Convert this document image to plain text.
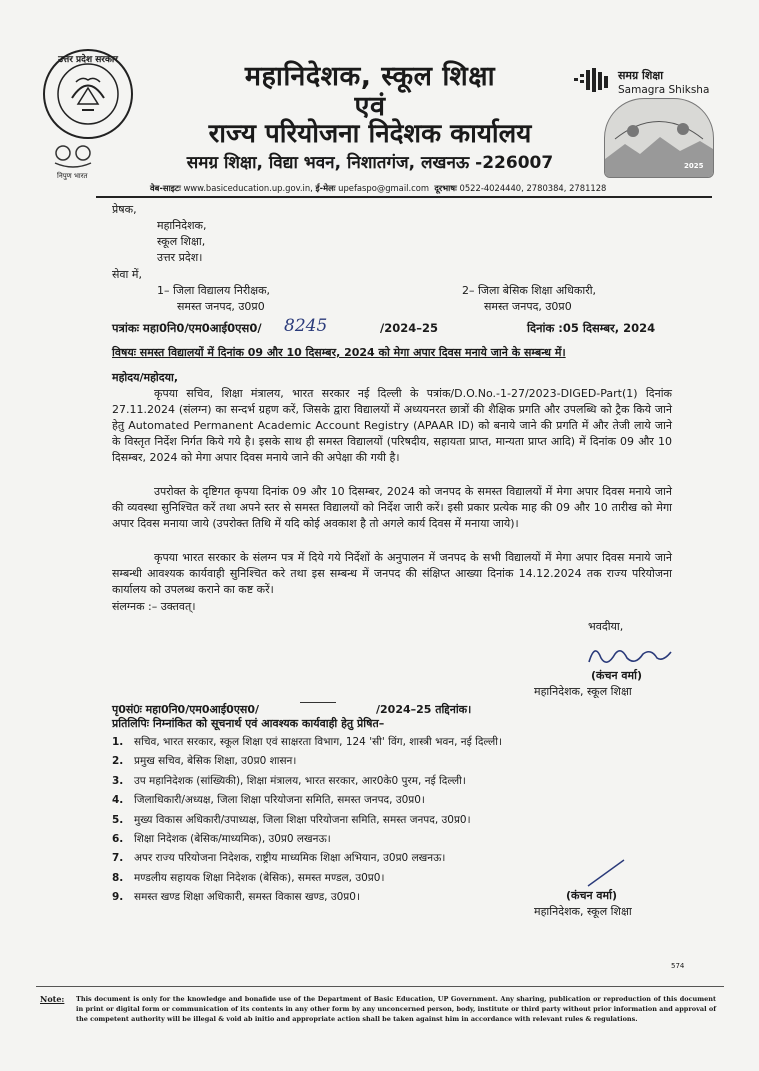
उत्तर प्रदेश सरकार
निपुण भारत
महानिदेशक, स्कूल शिक्षा
एवं
राज्य परियोजना निदेशक कार्यालय
समग्र शिक्षा, विद्या भवन, निशातगंज, लखनऊ -226007
वेब-साइटः www.basiceducation.up.gov.in, ई-मेलः upefaspo@gmail.com दूरभाषः 0522-4024440, 2780384, 2781128
समग्र शिक्षा
Samagra Shiksha
2025
प्रेषक,
महानिदेशक,
स्कूल शिक्षा,
उत्तर प्रदेश।
सेवा में,
1– जिला विद्यालय निरीक्षक,
समस्त जनपद, उ0प्र0
2– जिला बेसिक शिक्षा अधिकारी,
समस्त जनपद, उ0प्र0
पत्रांकः महा0नि0/एम0आई0एस0/ 8245	/2024–25	दिनांक :05 दिसम्बर, 2024
विषयः समस्त विद्यालयों में दिनांक 09 और 10 दिसम्बर, 2024 को मेगा अपार दिवस मनाये जाने के सम्बन्ध में।
महोदय/महोदया,
कृपया सचिव, शिक्षा मंत्रालय, भारत सरकार नई दिल्ली के पत्रांक/D.O.No.-1-27/2023-DIGED-Part(1) दिनांक 27.11.2024 (संलग्न) का सन्दर्भ ग्रहण करें, जिसके द्वारा विद्यालयों में अध्ययनरत छात्रों की शैक्षिक प्रगति और उपलब्धि को ट्रैक किये जाने हेतु Automated Permanent Academic Account Registry (APAAR ID) को बनाये जाने की प्रगति में और तेजी लाये जाने के विस्तृत निर्देश निर्गत किये गये है। इसके साथ ही समस्त विद्यालयों (परिषदीय, सहायता प्राप्त, मान्यता प्राप्त आदि) में दिनांक 09 और 10 दिसम्बर, 2024 को मेगा अपार दिवस मनाये जाने की अपेक्षा की गयी है।
उपरोक्त के दृष्टिगत कृपया दिनांक 09 और 10 दिसम्बर, 2024 को जनपद के समस्त विद्यालयों में मेगा अपार दिवस मनाये जाने की व्यवस्था सुनिश्चित करें तथा अपने स्तर से समस्त विद्यालयों को निर्देश जारी करें। इसी प्रकार प्रत्येक माह की 09 और 10 तारीख को मेगा अपार दिवस मनाया जाये (उपरोक्त तिथि में यदि कोई अवकाश है तो अगले कार्य दिवस में मनाया जाये)।
कृपया भारत सरकार के संलग्न पत्र में दिये गये निर्देशों के अनुपालन में जनपद के सभी विद्यालयों में मेगा अपार दिवस मनाये जाने सम्बन्धी आवश्यक कार्यवाही सुनिश्चित करे तथा इस सम्बन्ध में जनपद की संक्षिप्त आख्या दिनांक 14.12.2024 तक राज्य परियोजना कार्यालय को उपलब्ध कराने का कष्ट करें।
संलग्नक :– उक्तवत्।
भवदीया,
(कंचन वर्मा)
महानिदेशक, स्कूल शिक्षा
पृ0सं0ः महा0नि0/एम0आई0एस0/	/2024–25 तद्दिनांक।
प्रतिलिपिः निम्नांकित को सूचनार्थ एवं आवश्यक कार्यवाही हेतु प्रेषित–
1. सचिव, भारत सरकार, स्कूल शिक्षा एवं साक्षरता विभाग, 124 'सी' विंग, शास्त्री भवन, नई दिल्ली।
2. प्रमुख सचिव, बेसिक शिक्षा, उ0प्र0 शासन।
3. उप महानिदेशक (सांख्यिकी), शिक्षा मंत्रालय, भारत सरकार, आर0के0 पुरम, नई दिल्ली।
4. जिलाधिकारी/अध्यक्ष, जिला शिक्षा परियोजना समिति, समस्त जनपद, उ0प्र0।
5. मुख्य विकास अधिकारी/उपाध्यक्ष, जिला शिक्षा परियोजना समिति, समस्त जनपद, उ0प्र0।
6. शिक्षा निदेशक (बेसिक/माध्यमिक), उ0प्र0 लखनऊ।
7. अपर राज्य परियोजना निदेशक, राष्ट्रीय माध्यमिक शिक्षा अभियान, उ0प्र0 लखनऊ।
8. मण्डलीय सहायक शिक्षा निदेशक (बेसिक), समस्त मण्डल, उ0प्र0।
9. समस्त खण्ड शिक्षा अधिकारी, समस्त विकास खण्ड, उ0प्र0।	(कंचन वर्मा)
महानिदेशक, स्कूल शिक्षा
574
Note: This document is only for the knowledge and bonafide use of the Department of Basic Education, UP Government. Any sharing, publication or reproduction of this document in print or digital form or communication of its contents in any other form by any unconcerned person, body, institute or third party without prior information and approval of the competent authority will be illegal & void ab initio and appropriate action shall be taken against him in accordance with relevant rules & regulations.
